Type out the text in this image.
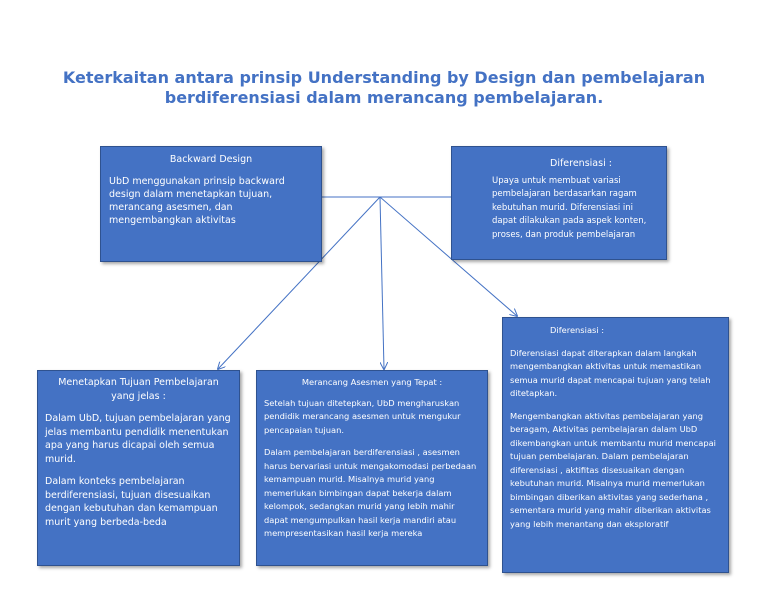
Keterkaitan antara prinsip Understanding by Design dan pembelajaran
berdiferensiasi dalam merancang pembelajaran.

Backward Design

UbD menggunakan prinsip backward design dalam menetapkan tujuan, merancang asesmen, dan mengembangkan aktivitas

Diferensiasi :

Upaya untuk membuat variasi pembelajaran berdasarkan ragam kebutuhan murid. Diferensiasi ini dapat dilakukan pada aspek konten, proses, dan produk pembelajaran

Menetapkan Tujuan Pembelajaran yang jelas :

Dalam UbD, tujuan pembelajaran yang jelas membantu pendidik menentukan apa yang harus dicapai oleh semua murid.

Dalam konteks pembelajaran berdiferensiasi, tujuan disesuaikan dengan kebutuhan dan kemampuan murit yang berbeda-beda

Merancang Asesmen yang Tepat :

Setelah tujuan ditetepkan, UbD mengharuskan pendidik merancang asesmen untuk mengukur pencapaian tujuan.

Dalam pembelajaran berdiferensiasi , asesmen harus bervariasi untuk mengakomodasi perbedaan kemampuan murid. Misalnya murid yang memerlukan bimbingan dapat bekerja dalam kelompok, sedangkan murid yang lebih mahir dapat mengumpulkan hasil kerja mandiri atau mempresentasikan hasil kerja mereka

Diferensiasi :

Diferensiasi dapat diterapkan dalam langkah mengembangkan aktivitas untuk memastikan semua murid dapat mencapai tujuan yang telah ditetapkan.

Mengembangkan aktivitas pembelajaran yang beragam, Aktivitas pembelajaran dalam UbD dikembangkan untuk membantu murid mencapai tujuan pembelajaran. Dalam pembelajaran diferensiasi , aktifitas disesuaikan dengan kebutuhan murid. Misalnya murid memerlukan bimbingan diberikan aktivitas yang sederhana , sementara murid yang mahir diberikan aktivitas yang lebih menantang dan eksploratif
